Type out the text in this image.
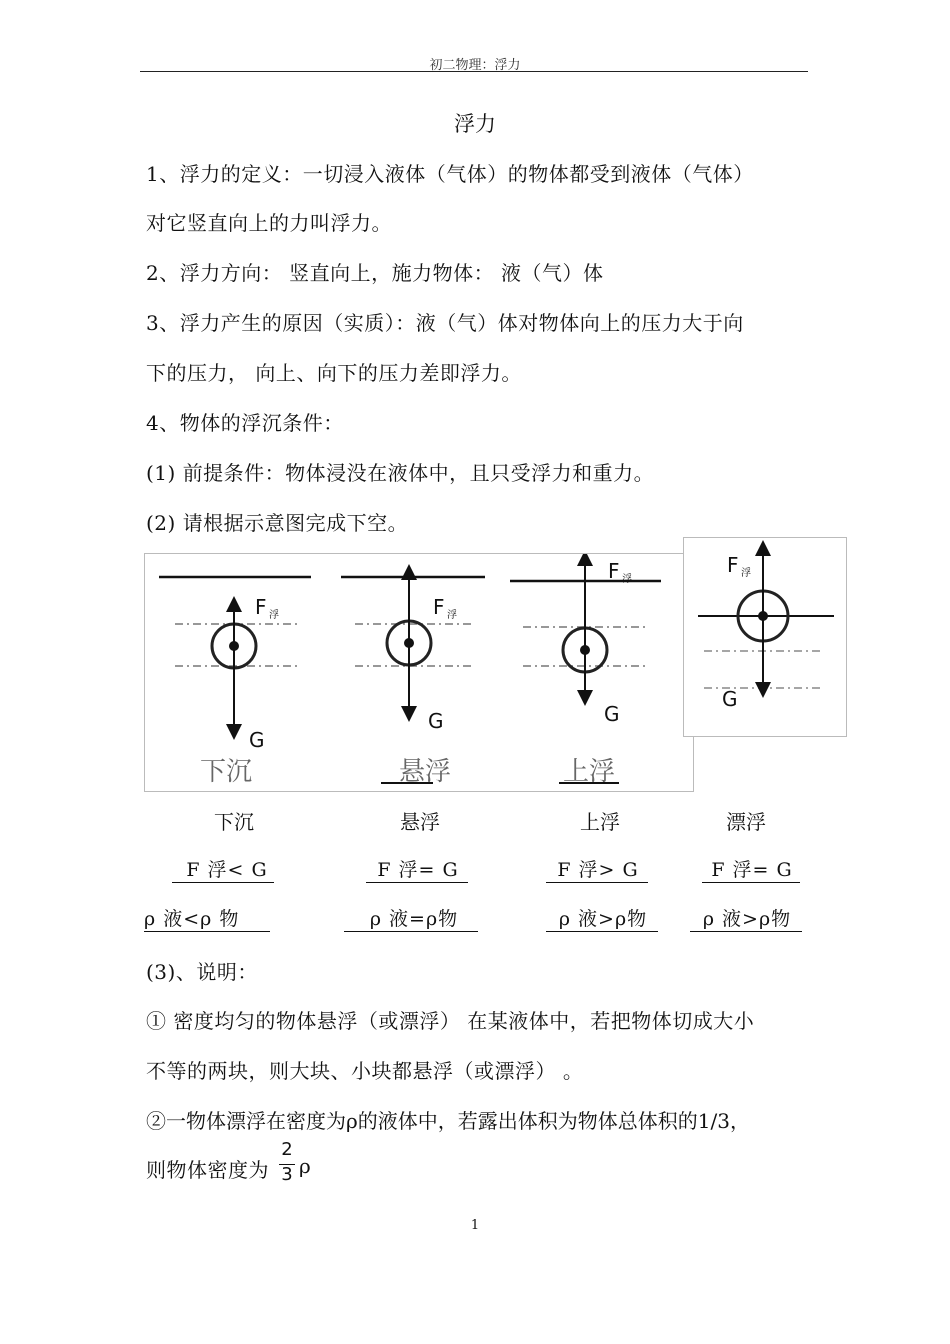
初二物理：浮力
浮力
1、浮力的定义：一切浸入液体（气体）的物体都受到液体（气体）
对它竖直向上的力叫浮力。
2、浮力方向： 竖直向上，施力物体： 液（气）体
3、浮力产生的原因（实质）：液（气）体对物体向上的压力大于向
下的压力， 向上、向下的压力差即浮力。
4、物体的浮沉条件：
(1) 前提条件：物体浸没在液体中，且只受浮力和重力。
(2) 请根据示意图完成下空。
F 浮
G
下沉
F 浮
G
悬浮
F 浮
G
上浮
F 浮
G
下沉	悬浮	上浮	漂浮
F 浮< G	F 浮= G	F 浮> G	F 浮= G
ρ 液<ρ 物	ρ 液=ρ物	ρ 液>ρ物	ρ 液>ρ物
(3)、说明：
① 密度均匀的物体悬浮（或漂浮） 在某液体中，若把物体切成大小
不等的两块，则大块、小块都悬浮（或漂浮） 。
②一物体漂浮在密度为ρ的液体中，若露出体积为物体总体积的1/3，
则物体密度为
2
3 ρ
1
